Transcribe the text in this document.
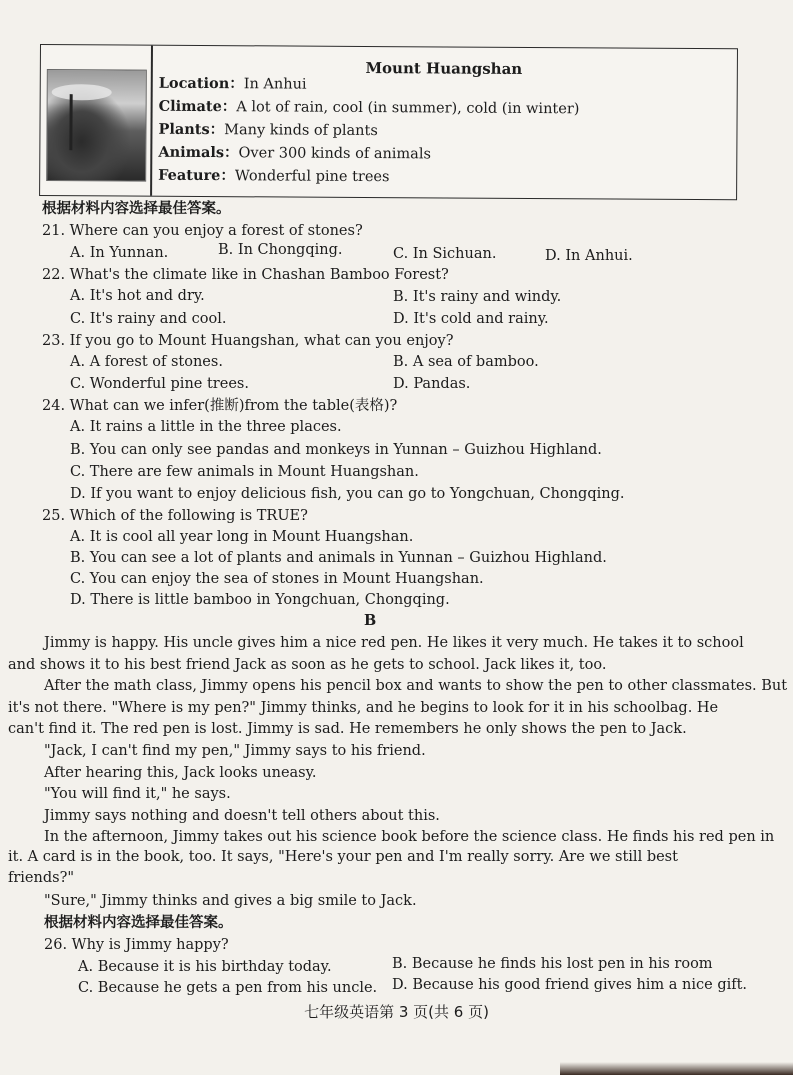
Mount Huangshan
Location：In Anhui
Climate：A lot of rain, cool (in summer), cold (in winter)
Plants：Many kinds of plants
Animals：Over 300 kinds of animals
Feature：Wonderful pine trees
根据材料内容选择最佳答案。
21. Where can you enjoy a forest of stones?
A. In Yunnan.	B. In Chongqing.	C. In Sichuan.	D. In Anhui.
22. What's the climate like in Chashan Bamboo Forest?
A. It's hot and dry.	B. It's rainy and windy.
C. It's rainy and cool.	D. It's cold and rainy.
23. If you go to Mount Huangshan, what can you enjoy?
A. A forest of stones.	B. A sea of bamboo.
C. Wonderful pine trees.	D. Pandas.
24. What can we infer(推断)from the table(表格)?
A. It rains a little in the three places.
B. You can only see pandas and monkeys in Yunnan – Guizhou Highland.
C. There are few animals in Mount Huangshan.
D. If you want to enjoy delicious fish, you can go to Yongchuan, Chongqing.
25. Which of the following is TRUE?
A. It is cool all year long in Mount Huangshan.
B. You can see a lot of plants and animals in Yunnan – Guizhou Highland.
C. You can enjoy the sea of stones in Mount Huangshan.
D. There is little bamboo in Yongchuan, Chongqing.
B
Jimmy is happy. His uncle gives him a nice red pen. He likes it very much. He takes it to school
and shows it to his best friend Jack as soon as he gets to school. Jack likes it, too.
After the math class, Jimmy opens his pencil box and wants to show the pen to other classmates. But
it's not there. "Where is my pen?" Jimmy thinks, and he begins to look for it in his schoolbag. He
can't find it. The red pen is lost. Jimmy is sad. He remembers he only shows the pen to Jack.
"Jack, I can't find my pen," Jimmy says to his friend.
After hearing this, Jack looks uneasy.
"You will find it," he says.
Jimmy says nothing and doesn't tell others about this.
In the afternoon, Jimmy takes out his science book before the science class. He finds his red pen in
it. A card is in the book, too. It says, "Here's your pen and I'm really sorry. Are we still best
friends?"
"Sure," Jimmy thinks and gives a big smile to Jack.
根据材料内容选择最佳答案。
26. Why is Jimmy happy?
A. Because it is his birthday today.	B. Because he finds his lost pen in his room
C. Because he gets a pen from his uncle. D. Because his good friend gives him a nice gift.
七年级英语第 3 页(共 6 页)
